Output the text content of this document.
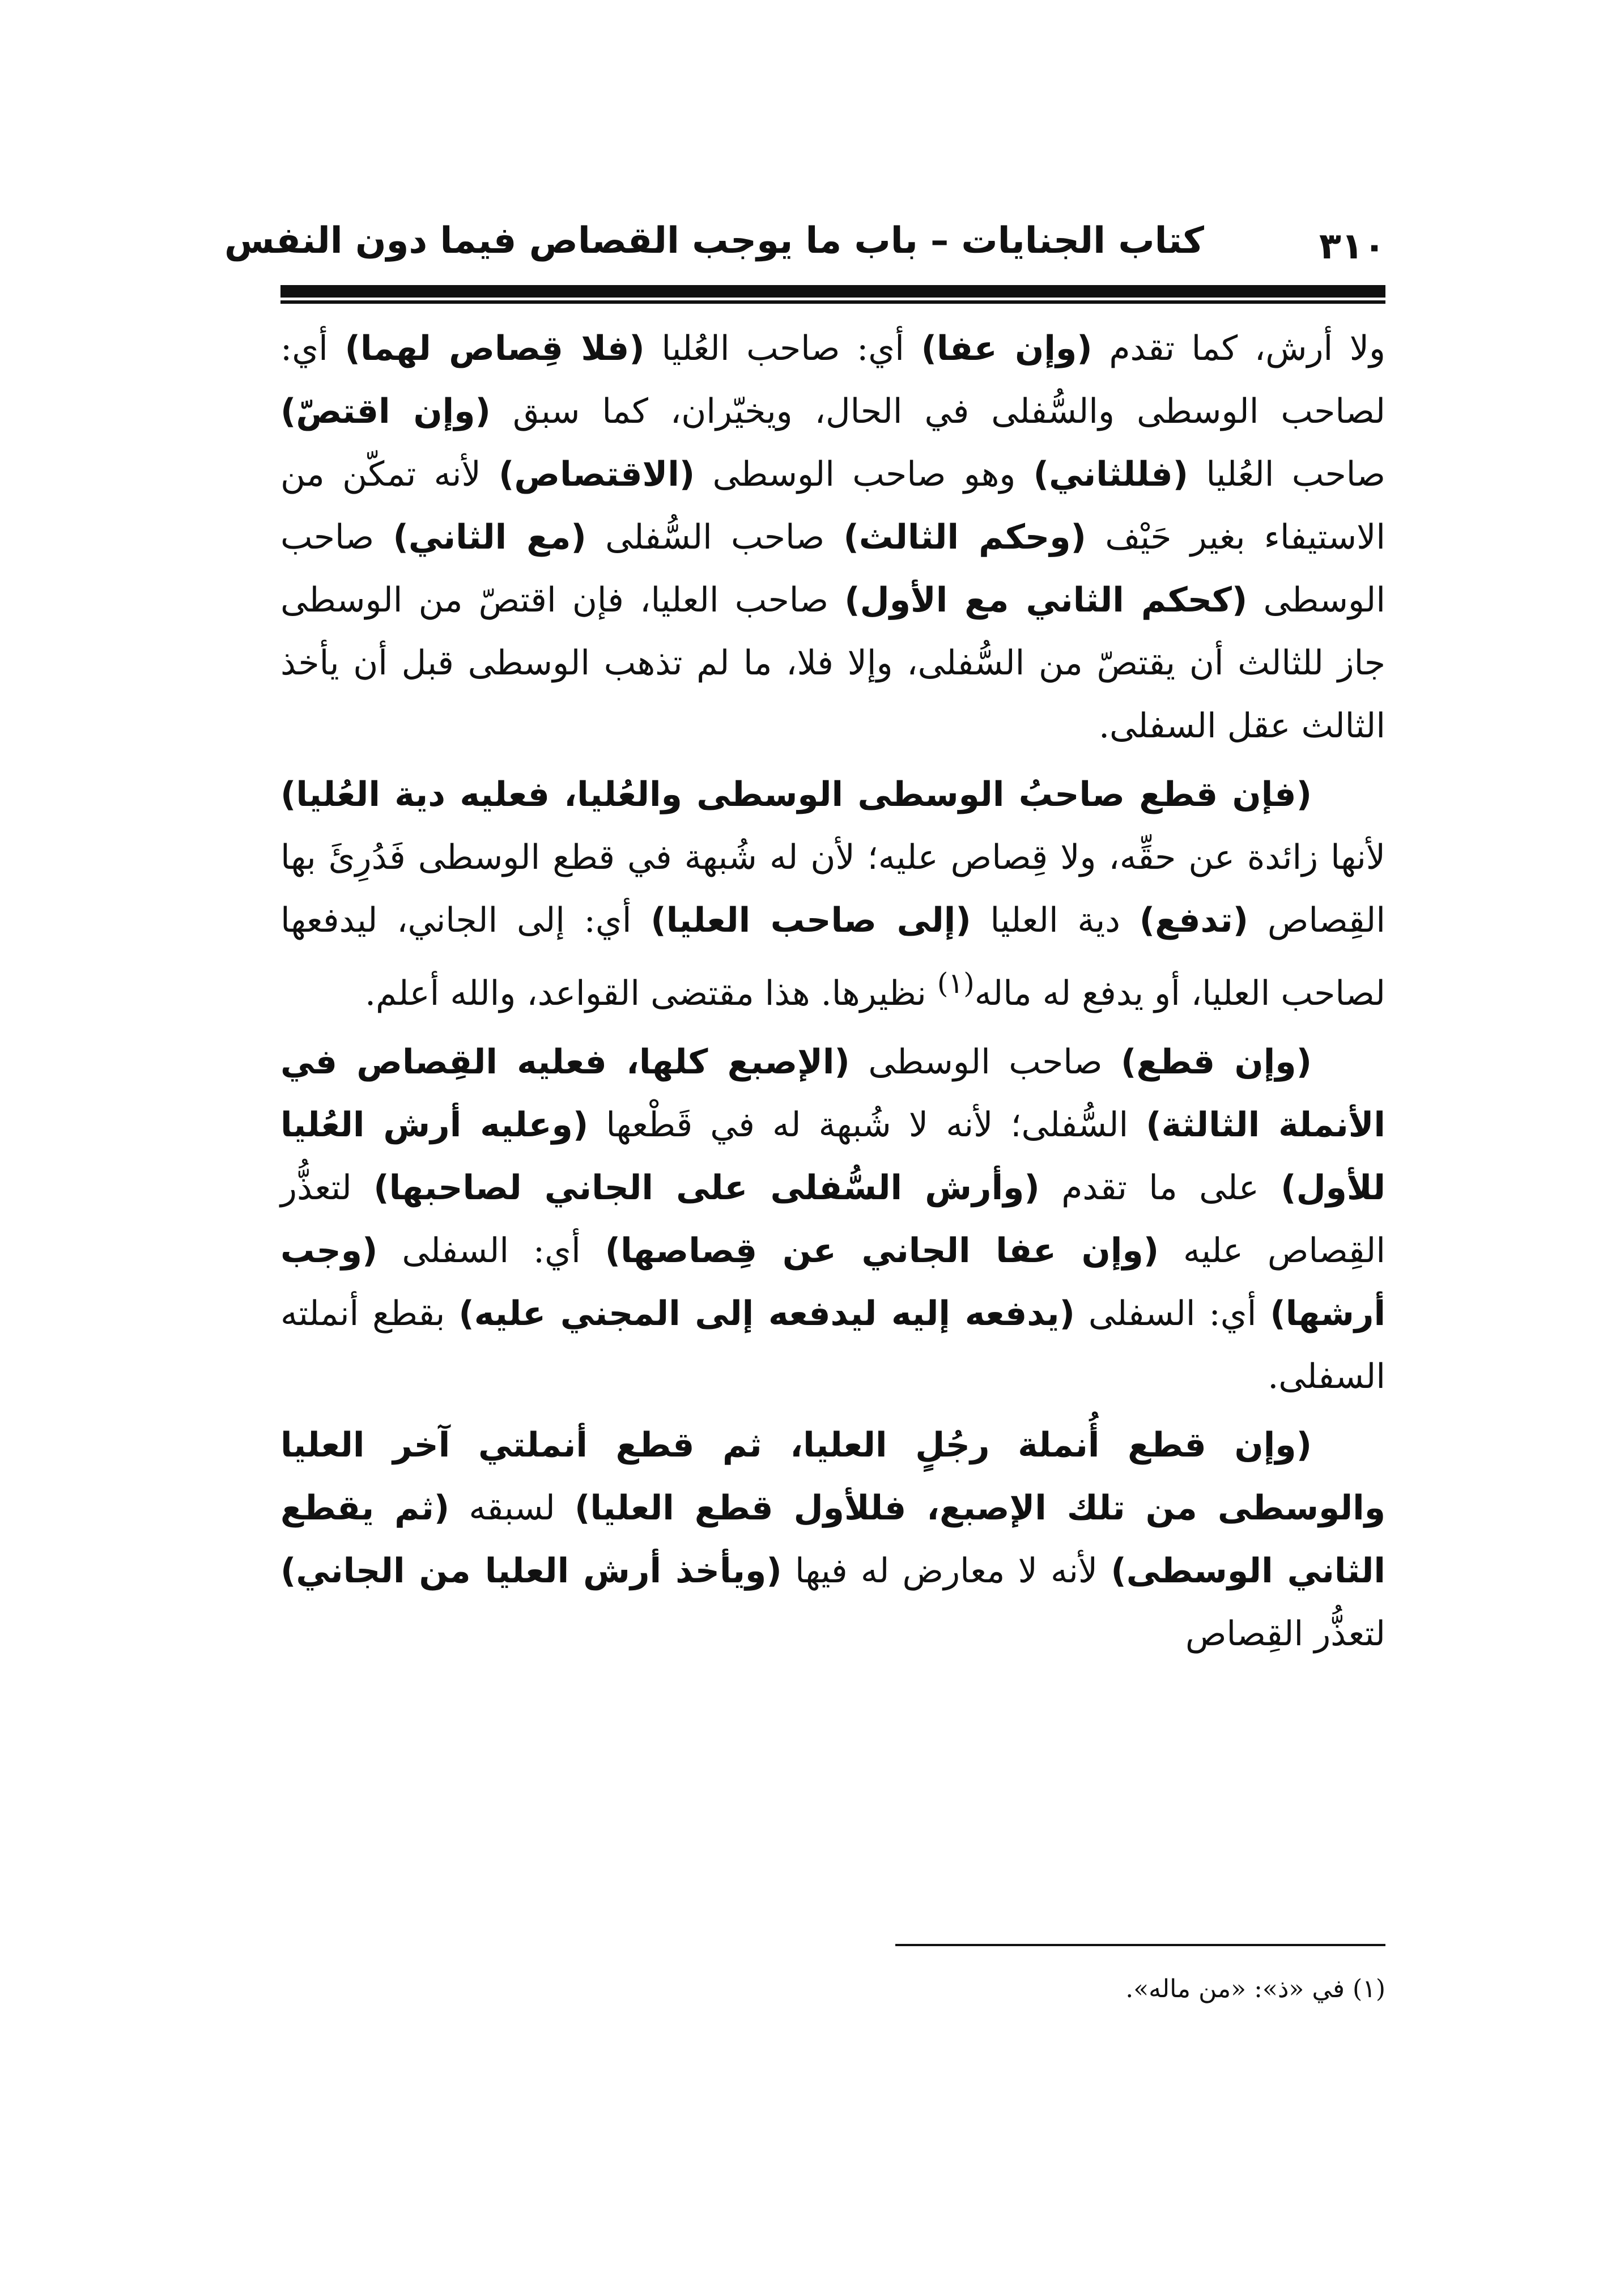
٣١٠
كتاب الجنايات – باب ما يوجب القصاص فيما دون النفس

ولا أرش، كما تقدم (وإن عفا) أي: صاحب العُليا (فلا قِصاص لهما) أي: لصاحب الوسطى والسُّفلى في الحال، ويخيّران، كما سبق (وإن اقتصّ) صاحب العُليا (فللثاني) وهو صاحب الوسطى (الاقتصاص) لأنه تمكّن من الاستيفاء بغير حَيْف (وحكم الثالث) صاحب السُّفلى (مع الثاني) صاحب الوسطى (كحكم الثاني مع الأول) صاحب العليا، فإن اقتصّ من الوسطى جاز للثالث أن يقتصّ من السُّفلى، وإلا فلا، ما لم تذهب الوسطى قبل أن يأخذ الثالث عقل السفلى.

(فإن قطع صاحبُ الوسطى الوسطى والعُليا، فعليه دية العُليا) لأنها زائدة عن حقِّه، ولا قِصاص عليه؛ لأن له شُبهة في قطع الوسطى فَدُرِئَ بها القِصاص (تدفع) دية العليا (إلى صاحب العليا) أي: إلى الجاني، ليدفعها لصاحب العليا، أو يدفع له ماله$^{(١)}$ نظيرها. هذا مقتضى القواعد، والله أعلم.

(وإن قطع) صاحب الوسطى (الإصبع كلها، فعليه القِصاص في الأنملة الثالثة) السُّفلى؛ لأنه لا شُبهة له في قَطْعها (وعليه أرش العُليا للأول) على ما تقدم (وأرش السُّفلى على الجاني لصاحبها) لتعذُّر القِصاص عليه (وإن عفا الجاني عن قِصاصها) أي: السفلى (وجب أرشها) أي: السفلى (يدفعه إليه ليدفعه إلى المجني عليه) بقطع أنملته السفلى.

(وإن قطع أُنملة رجُلٍ العليا، ثم قطع أنملتي آخر العليا والوسطى من تلك الإصبع، فللأول قطع العليا) لسبقه (ثم يقطع الثاني الوسطى) لأنه لا معارض له فيها (ويأخذ أرش العليا من الجاني) لتعذُّر القِصاص

(١) في «ذ»: «من ماله».
